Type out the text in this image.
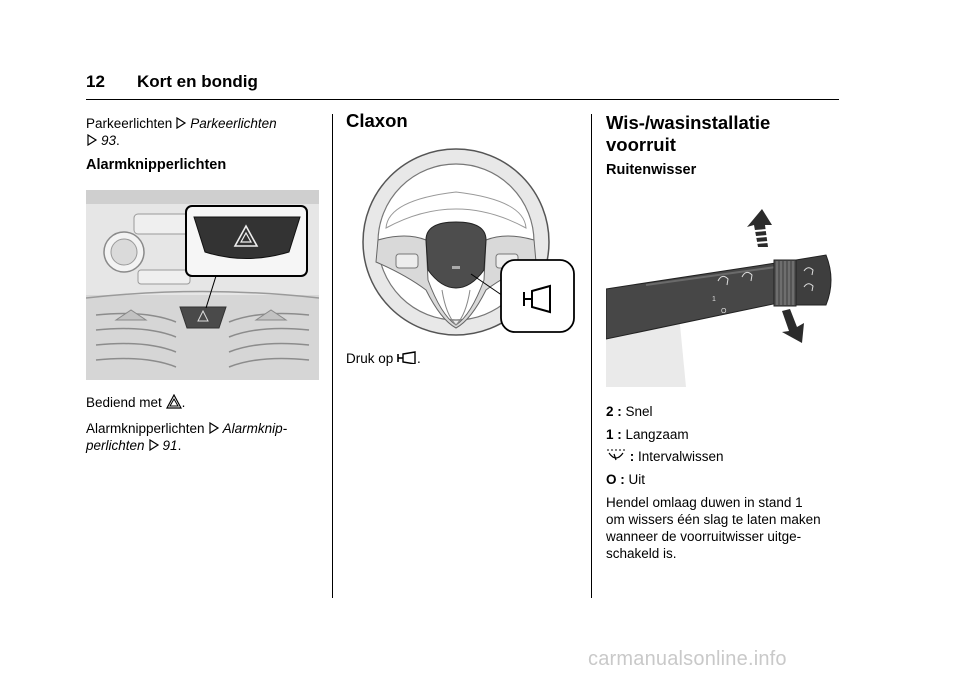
12 Kort en bondig
Parkeerlichten Parkeerlichten
93.
Alarmknipperlichten
Bediend met .
Alarmknipperlichten Alarmknip-
perlichten 91.
Claxon
Druk op .
Wis-/wasinstallatie
voorruit
Ruitenwisser
1
O
2 : Snel
1 : Langzaam
: Intervalwissen
O : Uit
Hendel omlaag duwen in stand 1
om wissers één slag te laten maken
wanneer de voorruitwisser uitge-
schakeld is.
carmanualsonline.info
